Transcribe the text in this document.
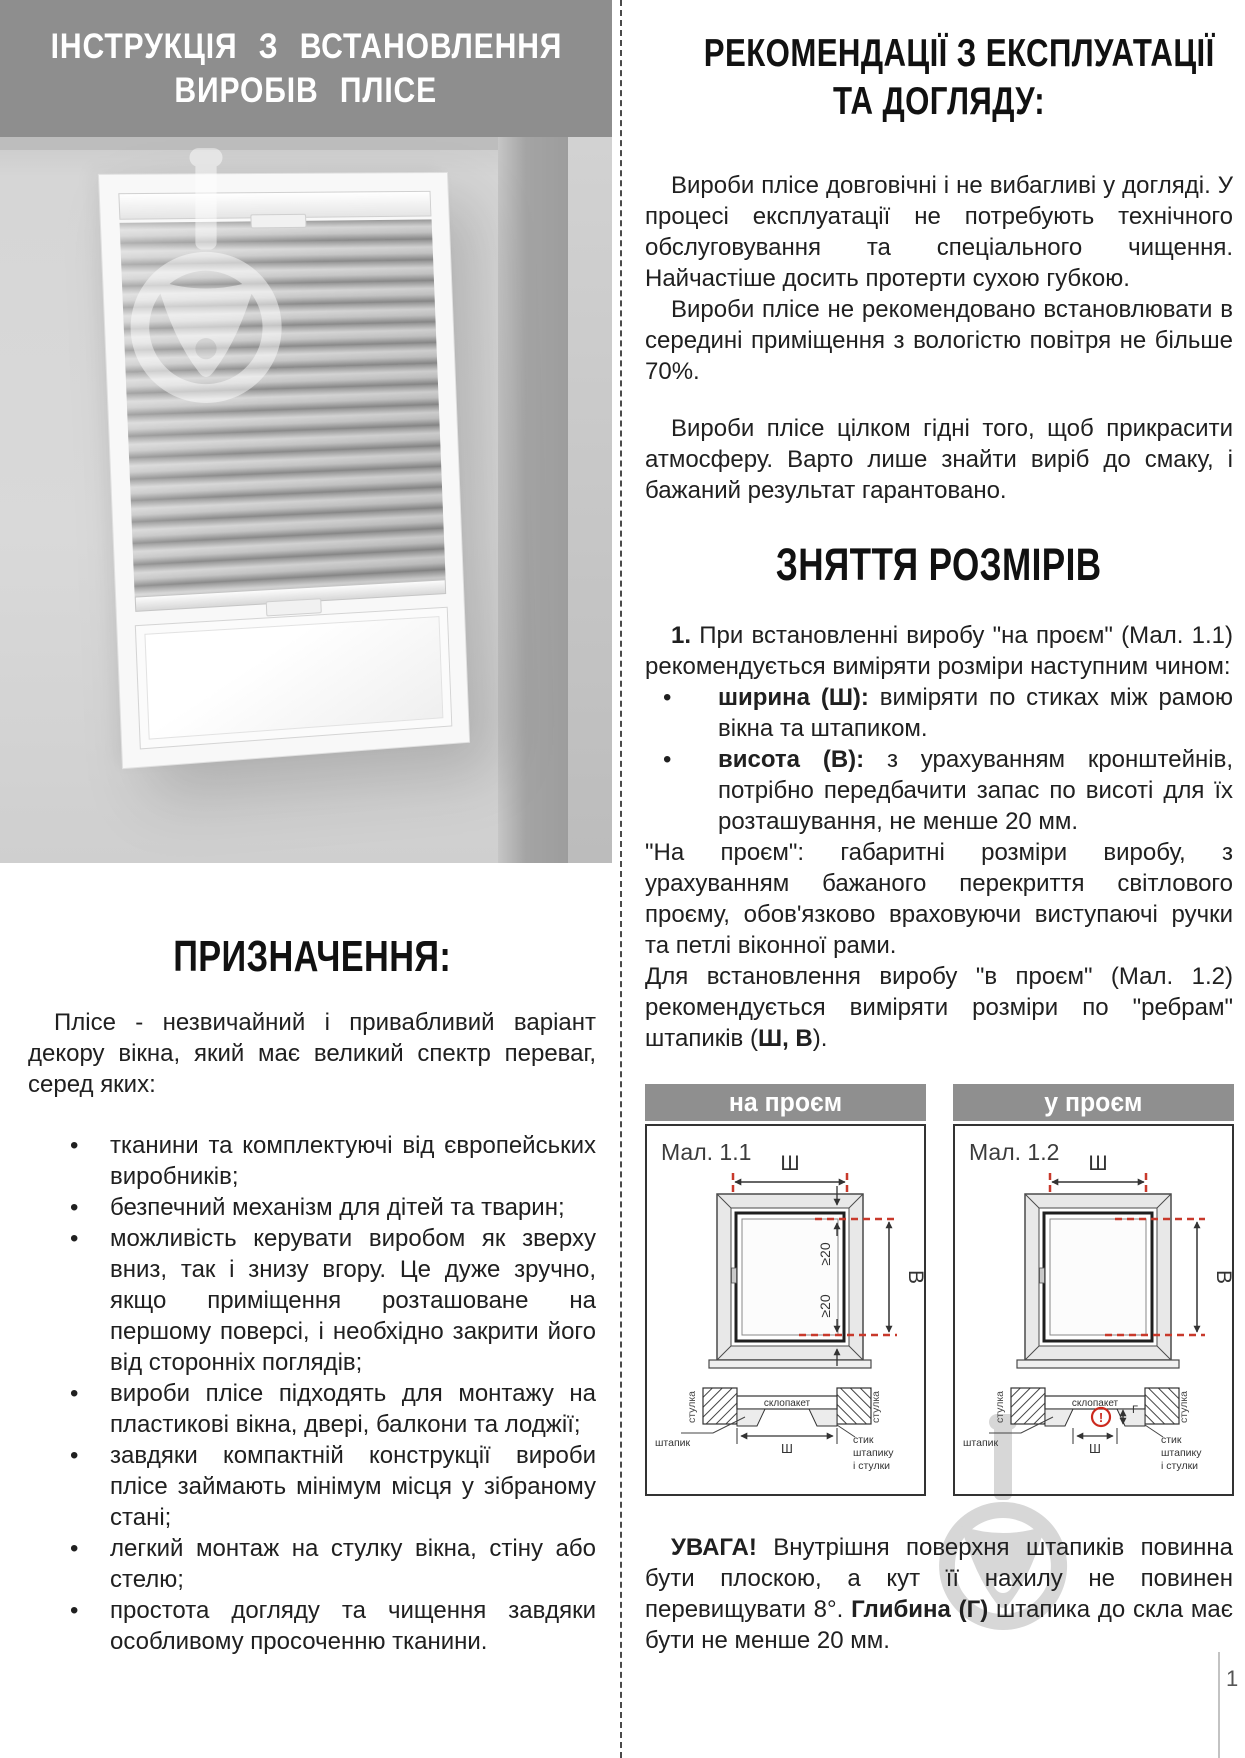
ІНСТРУКЦІЯ З ВСТАНОВЛЕННЯ
ВИРОБІВ ПЛІСЕ
ПРИЗНАЧЕННЯ:

Плісе - незвичайний і привабливий варіант декору вікна, який має великий спектр переваг, серед яких:

• тканини та комплектуючі від європейських виробників;
• безпечний механізм для дітей та тварин;
• можливість керувати виробом як зверху вниз, так і знизу вгору. Це дуже зручно, якщо приміщення розташоване на першому поверсі, і необхідно закрити його від сторонніх поглядів;
• вироби плісе підходять для монтажу на пластикові вікна, двері, балкони та лоджії;
• завдяки компактній конструкції вироби плісе займають мінімум місця у зібраному стані;
• легкий монтаж на стулку вікна, стіну або стелю;
• простота догляду та чищення завдяки особливому просоченню тканини.
РЕКОМЕНДАЦІЇ З ЕКСПЛУАТАЦІЇ
ТА ДОГЛЯДУ:

Вироби плісе довговічні і не вибагливі у догляді. У процесі експлуатації не потребують технічного обслуговування та спеціального чищення. Найчастіше досить протерти сухою губкою.

Вироби плісе не рекомендовано встановлювати в середині приміщення з вологістю повітря не більше 70%.

Вироби плісе цілком гідні того, щоб прикрасити атмосферу. Варто лише знайти виріб до смаку, і бажаний результат гарантовано.

ЗНЯТТЯ РОЗМІРІВ

1. При встановленні виробу "на проєм" (Мал. 1.1) рекомендується виміряти розміри наступним чином:

• ширина (Ш): виміряти по стиках між рамою вікна та штапиком.
• висота (В): з урахуванням кронштейнів, потрібно передбачити запас по висоті для їх розташування, не менше 20 мм.

"На проєм": габаритні розміри виробу, з урахуванням бажаного перекриття світлового проєму, обов'язково враховуючи виступаючі ручки та петлі віконної рами.

Для встановлення виробу "в проєм" (Мал. 1.2) рекомендується виміряти розміри по "ребрам" штапиків (Ш, В).

на проєм
Мал. 1.1 Ш
В
≥20
≥20
склопакет
Ш
стулка	стулка
штапик	стик
штапику
і стулки
у проєм
Мал. 1.2 Ш
В
склопакет
!	Г
Ш
стулка	стулка
штапик	стик
штапику
і стулки

УВАГА! Внутрішня поверхня штапиків повинна бути плоскою, а кут її нахилу не повинен перевищувати 8°. Глибина (Г) штапика до скла має бути не менше 20 мм.

1
